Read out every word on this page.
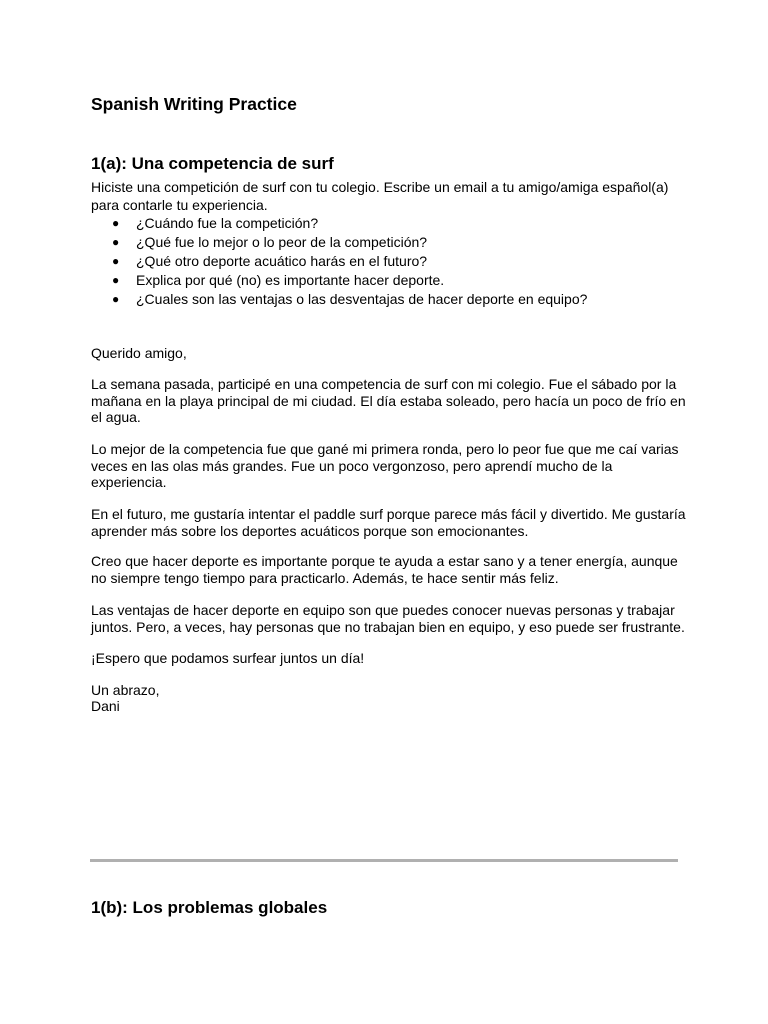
Spanish Writing Practice
1(a): Una competencia de surf

Hiciste una competición de surf con tu colegio. Escribe un email a tu amigo/amiga español(a) para contarle tu experiencia.

● ¿Cuándo fue la competición?
● ¿Qué fue lo mejor o lo peor de la competición?
● ¿Qué otro deporte acuático harás en el futuro?
● Explica por qué (no) es importante hacer deporte.
● ¿Cuales son las ventajas o las desventajas de hacer deporte en equipo?

Querido amigo,

La semana pasada, participé en una competencia de surf con mi colegio. Fue el sábado por la mañana en la playa principal de mi ciudad. El día estaba soleado, pero hacía un poco de frío en el agua.

Lo mejor de la competencia fue que gané mi primera ronda, pero lo peor fue que me caí varias veces en las olas más grandes. Fue un poco vergonzoso, pero aprendí mucho de la experiencia.

En el futuro, me gustaría intentar el paddle surf porque parece más fácil y divertido. Me gustaría aprender más sobre los deportes acuáticos porque son emocionantes.

Creo que hacer deporte es importante porque te ayuda a estar sano y a tener energía, aunque no siempre tengo tiempo para practicarlo. Además, te hace sentir más feliz.

Las ventajas de hacer deporte en equipo son que puedes conocer nuevas personas y trabajar juntos. Pero, a veces, hay personas que no trabajan bien en equipo, y eso puede ser frustrante.

¡Espero que podamos surfear juntos un día!

Un abrazo,

Dani

1(b): Los problemas globales
